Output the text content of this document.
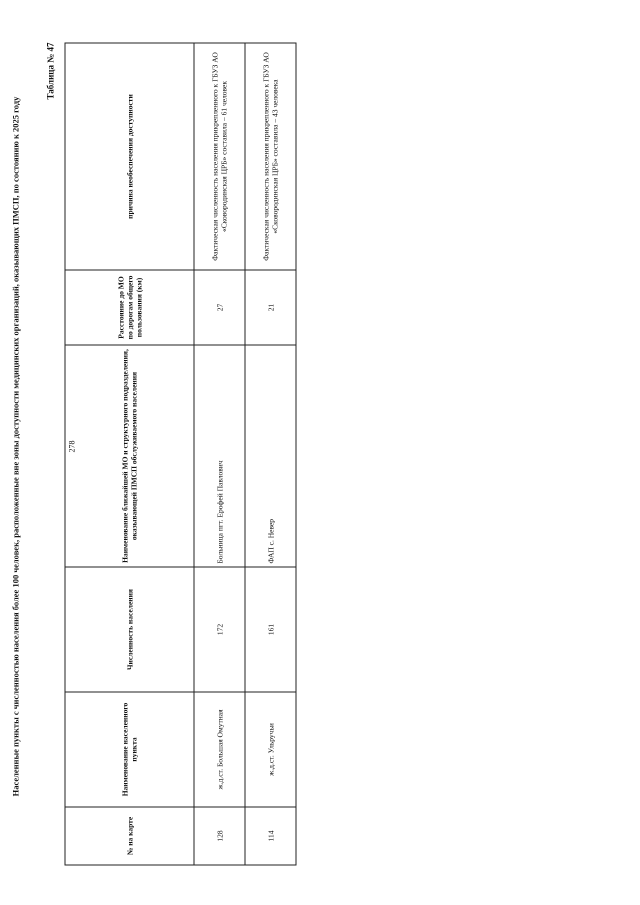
278
Населенные пункты с численностью населения более 100 человек, расположенные вне зоны доступности медицинских организаций, оказывающих ПМСП, по состоянию к 2025 году
Таблица № 47
№ на карте	Наименование населенного пункта	Численность населения	Наименование ближайшей МО и структурного подразделения, оказывающей ПМСП обслуживаемого населения	Расстояние до МО по дорогам общего пользования (км)	причина необеспечения доступности
128	ж.д.ст. Большая Омутная	172	Больница пгт. Ерофей Павлович	27	Фактическая численность населения прикрепленного к ГБУЗ АО «Сковородинская ЦРБ» составила – 61 человек
114	ж.д.ст. Ульручьи	161	ФАП с. Невер	21	Фактическая численность населения прикрепленного к ГБУЗ АО «Сковородинская ЦРБ» составила – 43 человека
